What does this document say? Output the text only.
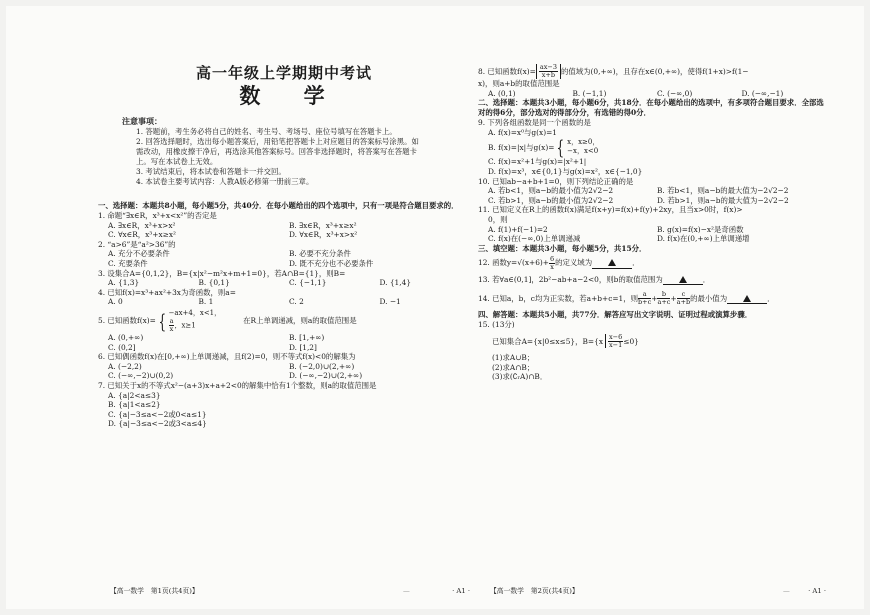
高一年级上学期期中考试
数 学
注意事项：
1. 答题前，考生务必将自己的姓名、考生号、考场号、座位号填写在答题卡上。
2. 回答选择题时，选出每小题答案后，用铅笔把答题卡上对应题目的答案标号涂黑。如需改动，用橡皮擦干净后，再选涂其他答案标号。回答非选择题时，将答案写在答题卡上。写在本试卷上无效。
3. 考试结束后，将本试卷和答题卡一并交回。
4. 本试卷主要考试内容：人教A版必修第一册前三章。
一、选择题：本题共8小题，每小题5分，共40分．在每小题给出的四个选项中，只有一项是符合题目要求的．
1. 命题“∃x∈R，x³+x<x²”的否定是
A. ∃x∈R，x³+x>x²	B. ∃x∈R，x³+x≥x²
C. ∀x∈R，x³+x≥x²	D. ∀x∈R，x³+x>x²
2. “a>6”是“a²>36”的
A. 充分不必要条件	B. 必要不充分条件
C. 充要条件	D. 既不充分也不必要条件
3. 设集合A={0,1,2}，B={x|x²−m²x+m+1=0}，若A∩B={1}，则B=
A. {1,3}	B. {0,1}	C. {−1,1}	D. {1,4}
4. 已知f(x)=x³+ax²+3x为奇函数，则a=
A. 0	B. 1	C. 2	D. −1
5. 已知函数f(x)= { −ax+4，x<1，
$\frac{a}{x}$ ，x≥1
在R上单调递减，则a的取值范围是
A. (0,+∞)	B. [1,+∞)
C. (0,2]	D. [1,2]
6. 已知偶函数f(x)在[0,+∞)上单调递减，且f(2)=0，则不等式f(x)<0的解集为
A. (−2,2)	B. (−2,0)∪(2,+∞)
C. (−∞,−2)∪(0,2)	D. (−∞,−2)∪(2,+∞)
7. 已知关于x的不等式x²−(a+3)x+a+2<0的解集中恰有1个整数，则a的取值范围是
A. {a|2<a≤3}
B. {a|1<a≤2}
C. {a|−3≤a<−2或0<a≤1}
D. {a|−3≤a<−2或3<a≤4}
【高一数学　第1页(共4页)】	—	· A1 ·
8. 已知函数$f(x)= \frac{ax-3}{x+b}$ 的值域为(0,+∞)，且存在x∈(0,+∞)，使得f(1+x)>f(1−
x)，则a+b的取值范围是
A. (0,1)	B. (−1,1)	C. (−∞,0)	D. (−∞,−1)
二、选择题：本题共3小题，每小题6分，共18分．在每小题给出的选项中，有多项符合题目要求．全部选对的得6分，部分选对的得部分分，有选错的得0分．
9. 下列各组函数是同一个函数的是
A. f(x)=x⁰与g(x)=1
B. f(x)=|x|与g(x)= { x，x≥0，
−x，x<0
C. f(x)=x²+1与g(x)=|x²+1|
D. f(x)=x³，x∈{0,1}与g(x)=x²，x∈{−1,0}
10. 已知ab−a+b+1=0，则下列结论正确的是
A. 若b<1，则a−b的最小值为2√2−2	B. 若b<1，则a−b的最大值为−2√2−2
C. 若b>1，则a−b的最小值为2√2−2	D. 若b>1，则a−b的最大值为−2√2−2
11. 已知定义在R上的函数f(x)满足f(x+y)=f(x)+f(y)+2xy，且当x>0时，f(x)>
0，则
A. f(1)+f(−1)=2	B. g(x)=f(x)−x²是奇函数
C. f(x)在(−∞,0)上单调递减	D. f(x)在(0,+∞)上单调递增
三、填空题：本题共3小题，每小题5分，共15分．
12. 函数$y=√(x+6)+ \frac{6}{x}$ 的定义域为	．
13. 若∀a∈(0,1]，2b²−ab+a−2<0，则b的取值范围为	．
14. 已知a，b，c均为正实数，若a+b+c=1，则 $\frac{a}{b+c} + \frac{b}{a+c} + \frac{c}{a+b}$ 的最小值为	．
四、解答题：本题共5小题，共77分．解答应写出文字说明、证明过程或演算步骤．
15. (13分)
已知集合A={x|0≤x≤5}，B= { x $\frac{x-6}{x-1} \le 0$ }
(1)求A∪B；
(2)求A∩B；
(3)求(∁ᵣA)∩B．
【高一数学　第2页(共4页)】	—	· A1 ·
